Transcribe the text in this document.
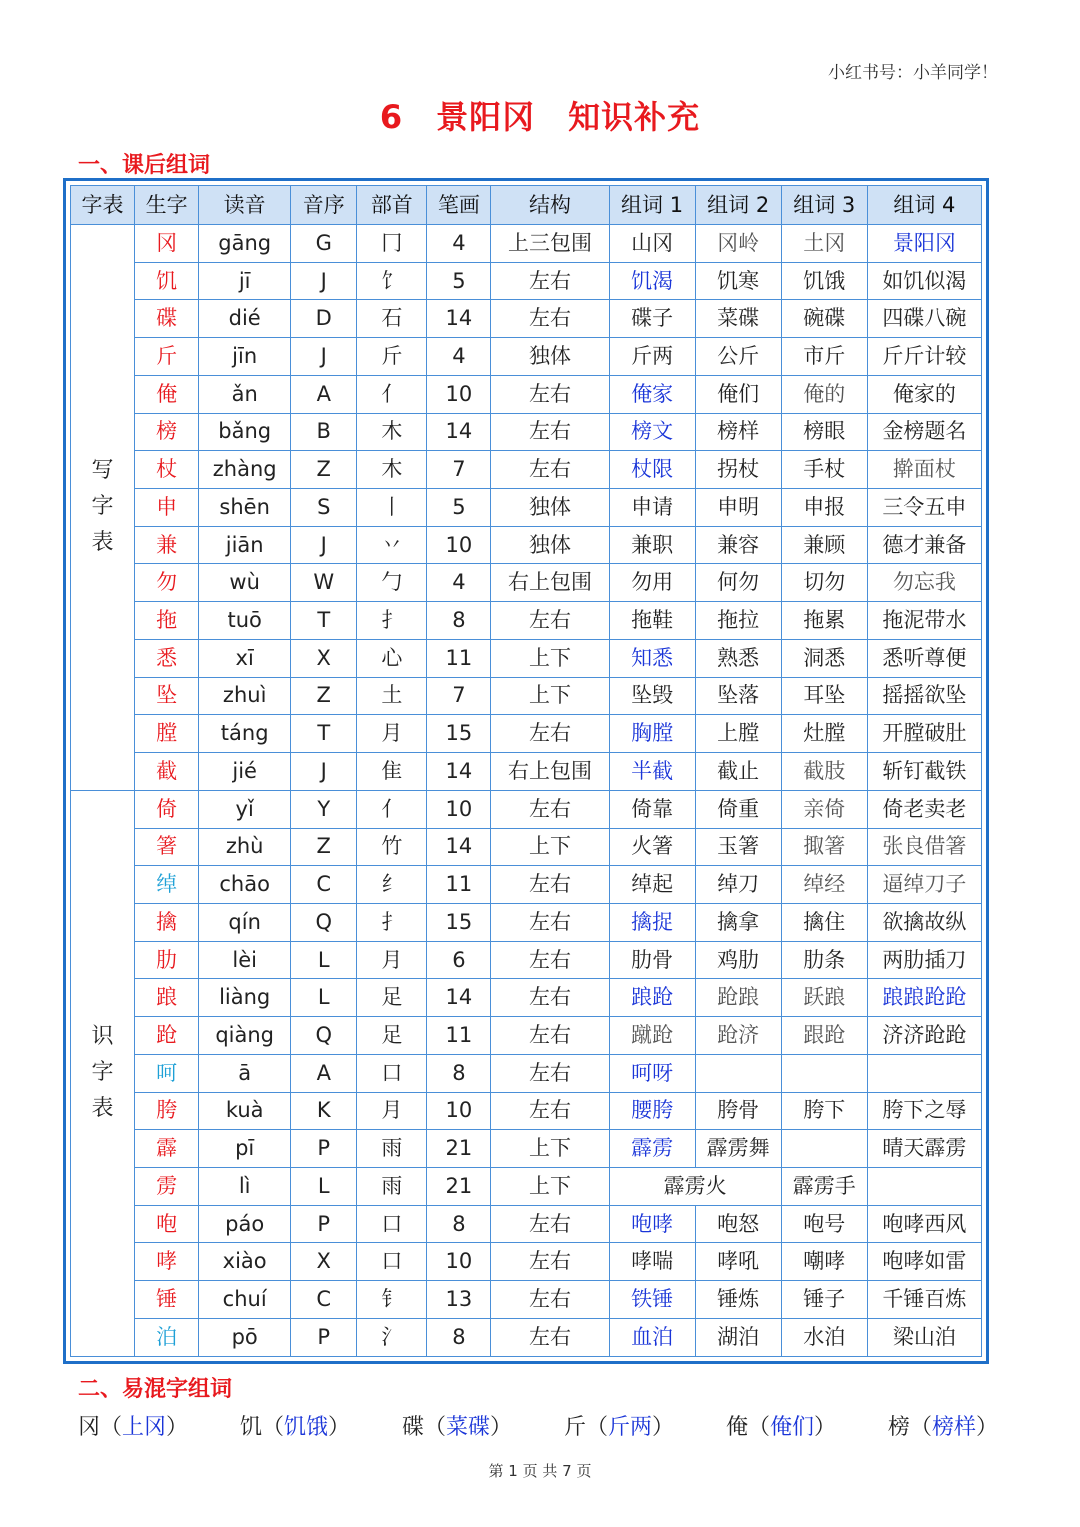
小红书号：小羊同学！
6　景阳冈　知识补充
一、课后组词
字表	生字	读音	音序	部首	笔画	结构	组词 1	组词 2	组词 3	组词 4

写
字
表	冈	gāng	G	冂	4	上三包围	山冈	冈岭	土冈	景阳冈
	饥	jī	J	饣	5	左右	饥渴	饥寒	饥饿	如饥似渴
	碟	dié	D	石	14	左右	碟子	菜碟	碗碟	四碟八碗
	斤	jīn	J	斤	4	独体	斤两	公斤	市斤	斤斤计较
	俺	ǎn	A	亻	10	左右	俺家	俺们	俺的	俺家的
	榜	bǎng	B	木	14	左右	榜文	榜样	榜眼	金榜题名
	杖	zhàng	Z	木	7	左右	杖限	拐杖	手杖	擀面杖
	申	shēn	S	丨	5	独体	申请	申明	申报	三令五申
	兼	jiān	J	丷	10	独体	兼职	兼容	兼顾	德才兼备
	勿	wù	W	勹	4	右上包围	勿用	何勿	切勿	勿忘我
	拖	tuō	T	扌	8	左右	拖鞋	拖拉	拖累	拖泥带水
	悉	xī	X	心	11	上下	知悉	熟悉	洞悉	悉听尊便
	坠	zhuì	Z	土	7	上下	坠毁	坠落	耳坠	摇摇欲坠
	膛	táng	T	月	15	左右	胸膛	上膛	灶膛	开膛破肚
	截	jié	J	隹	14	右上包围	半截	截止	截肢	斩钉截铁

识
字
表	倚	yǐ	Y	亻	10	左右	倚靠	倚重	亲倚	倚老卖老
	箸	zhù	Z	竹	14	上下	火箸	玉箸	掫箸	张良借箸
	绰	chāo	C	纟	11	左右	绰起	绰刀	绰经	逼绰刀子
	擒	qín	Q	扌	15	左右	擒捉	擒拿	擒住	欲擒故纵
	肋	lèi	L	月	6	左右	肋骨	鸡肋	肋条	两肋插刀
	踉	liàng	L	足	14	左右	踉跄	跄踉	跃踉	踉踉跄跄
	跄	qiàng	Q	足	11	左右	蹴跄	跄济	跟跄	济济跄跄
	呵	ā	A	口	8	左右	呵呀			
	胯	kuà	K	月	10	左右	腰胯	胯骨	胯下	胯下之辱
	霹	pī	P	雨	21	上下	霹雳	霹雳舞		晴天霹雳
	雳	lì	L	雨	21	上下	霹雳火		霹雳手	
	咆	páo	P	口	8	左右	咆哮	咆怒	咆号	咆哮西风
	哮	xiào	X	口	10	左右	哮喘	哮吼	嘲哮	咆哮如雷
	锤	chuí	C	钅	13	左右	铁锤	锤炼	锤子	千锤百炼
	泊	pō	P	氵	8	左右	血泊	湖泊	水泊	梁山泊
二、易混字组词
冈（上冈） 饥（饥饿） 碟（菜碟） 斤（斤两） 俺（俺们） 榜（榜样）
第 1 页 共 7 页
